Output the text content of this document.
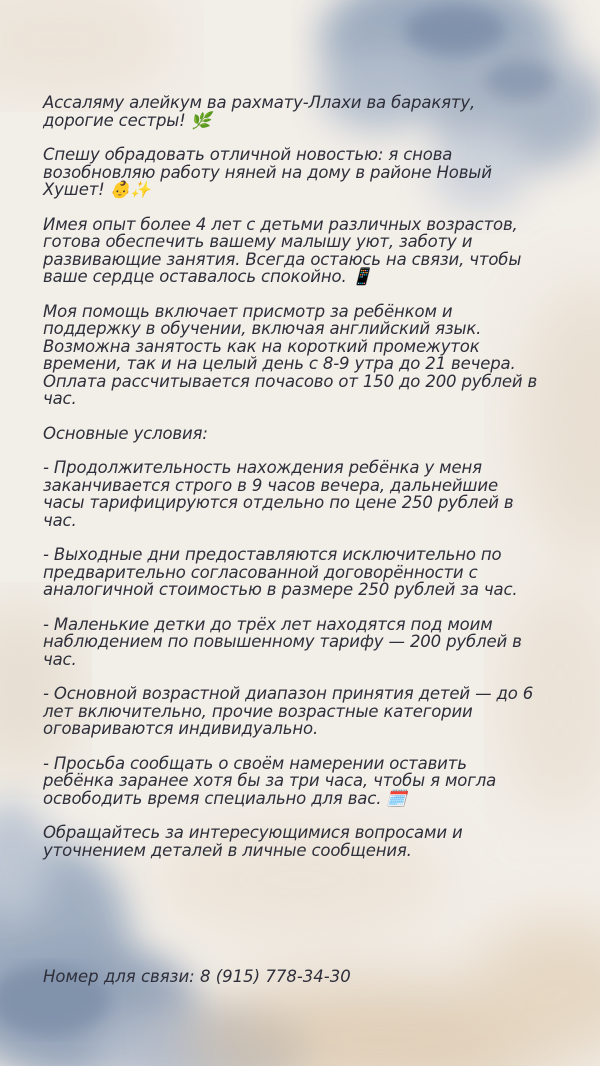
Ассаляму алейкум ва рахмату-Ллахи ва баракяту,
дорогие сестры! 🌿

Спешу обрадовать отличной новостью: я снова
возобновляю работу няней на дому в районе Новый
Хушет! 👶✨

Имея опыт более 4 лет с детьми различных возрастов,
готова обеспечить вашему малышу уют, заботу и
развивающие занятия. Всегда остаюсь на связи, чтобы
ваше сердце оставалось спокойно. 📱

Моя помощь включает присмотр за ребёнком и
поддержку в обучении, включая английский язык.
Возможна занятость как на короткий промежуток
времени, так и на целый день с 8-9 утра до 21 вечера.
Оплата рассчитывается почасово от 150 до 200 рублей в
час.

Основные условия:

- Продолжительность нахождения ребёнка у меня
заканчивается строго в 9 часов вечера, дальнейшие
часы тарифицируются отдельно по цене 250 рублей в
час.

- Выходные дни предоставляются исключительно по
предварительно согласованной договорённости с
аналогичной стоимостью в размере 250 рублей за час.

- Маленькие детки до трёх лет находятся под моим
наблюдением по повышенному тарифу — 200 рублей в
час.

- Основной возрастной диапазон принятия детей — до 6
лет включительно, прочие возрастные категории
оговариваются индивидуально.

- Просьба сообщать о своём намерении оставить
ребёнка заранее хотя бы за три часа, чтобы я могла
освободить время специально для вас. 🗓️

Обращайтесь за интересующимися вопросами и
уточнением деталей в личные сообщения.

Номер для связи: 8 (915) 778-34-30
